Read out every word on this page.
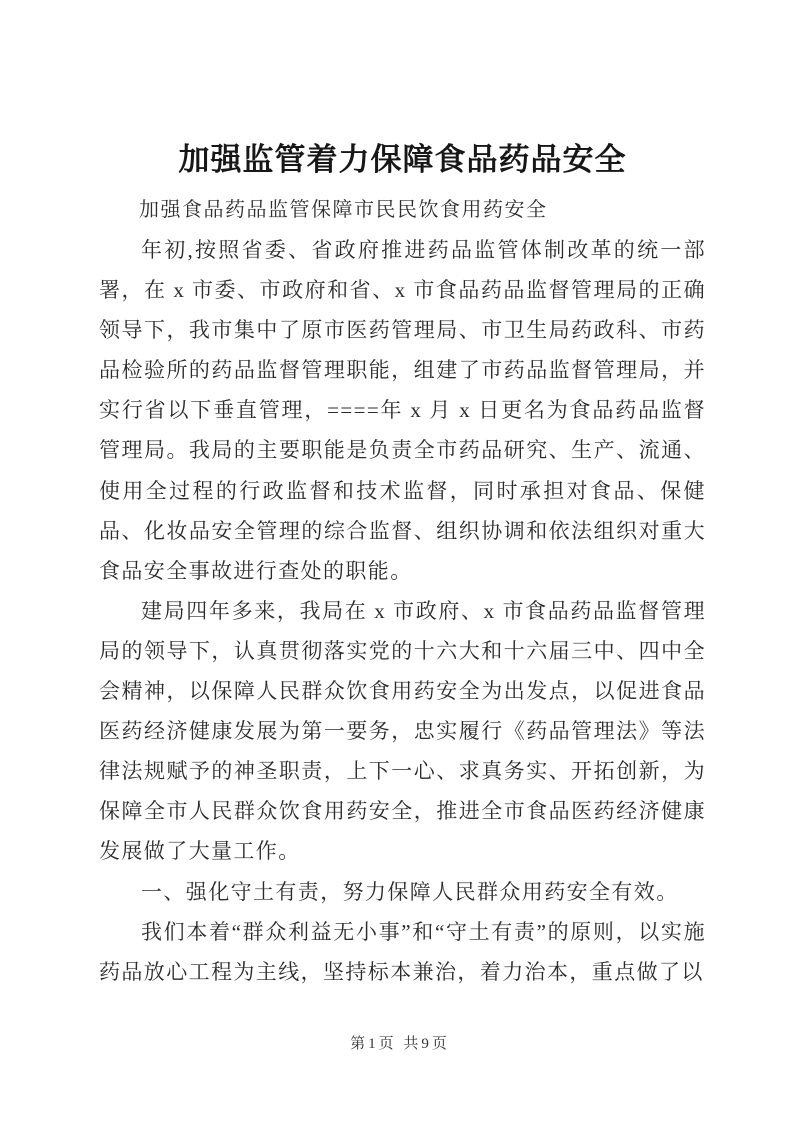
加强监管着力保障食品药品安全

加强食品药品监管保障市民民饮食用药安全

年初,按照省委、省政府推进药品监管体制改革的统一部署，在 x 市委、市政府和省、x 市食品药品监督管理局的正确领导下，我市集中了原市医药管理局、市卫生局药政科、市药品检验所的药品监督管理职能，组建了市药品监督管理局，并实行省以下垂直管理，====年 x 月 x 日更名为食品药品监督管理局。我局的主要职能是负责全市药品研究、生产、流通、使用全过程的行政监督和技术监督，同时承担对食品、保健品、化妆品安全管理的综合监督、组织协调和依法组织对重大食品安全事故进行查处的职能。

建局四年多来，我局在 x 市政府、x 市食品药品监督管理局的领导下，认真贯彻落实党的十六大和十六届三中、四中全会精神，以保障人民群众饮食用药安全为出发点，以促进食品医药经济健康发展为第一要务，忠实履行《药品管理法》等法律法规赋予的神圣职责，上下一心、求真务实、开拓创新，为保障全市人民群众饮食用药安全，推进全市食品医药经济健康发展做了大量工作。

一、强化守土有责，努力保障人民群众用药安全有效。

我们本着“群众利益无小事”和“守土有责”的原则，以实施药品放心工程为主线，坚持标本兼治，着力治本，重点做了以

第1页 共9页
